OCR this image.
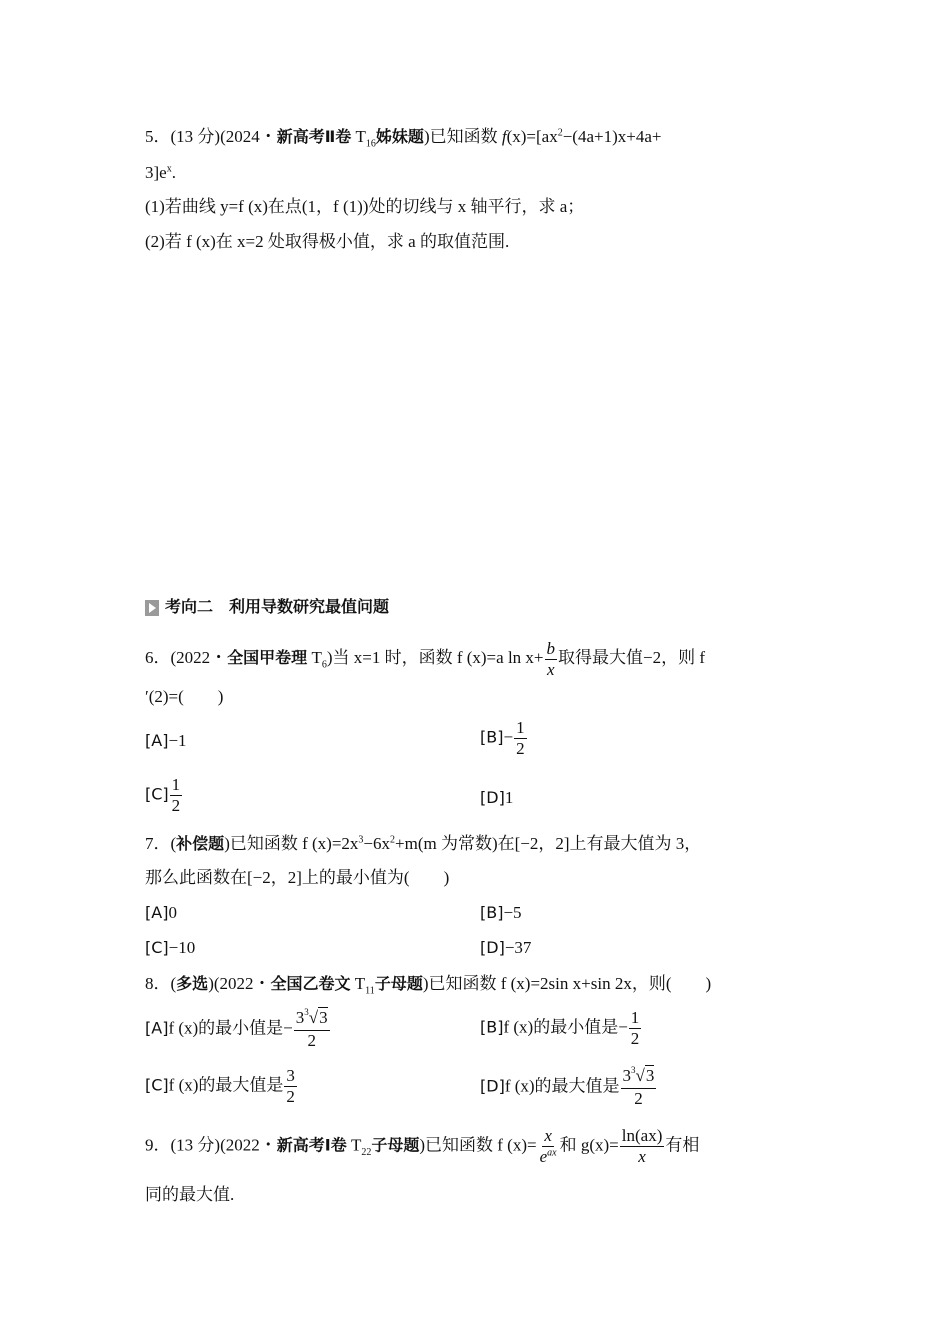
5．(13 分)(2024・新高考Ⅱ卷 $T_{16}$姊妹题)已知函数 $f(x)=[ax^2-(4a+1)x+4a+$
$3]e^x$.
(1)若曲线 y=f (x)在点(1，f (1))处的切线与 x 轴平行，求 a；
(2)若 f (x)在 x=2 处取得极小值，求 a 的取值范围.
考向二　利用导数研究最值问题
6．(2022・全国甲卷理 $T_6$)当 x=1 时，函数 f (x)=a $\ln x+ \frac{b}{x}$ 取得最大值−2，则 f
′(2)=(　　)
[A]−1	$[B]- \frac{1}{2}$
$[C] \frac{1}{2}$	[D]1
7．(补偿题)已知函数 f $(x)=2x^3-6x^2+m(m$ 为常数)在[−2，2]上有最大值为 3，
那么此函数在[−2，2]上的最小值为(　　)
[A]0	[B]−5
[C]−10	[D]−37
8．(多选)(2022・全国乙卷文 $T_{11}$子母题)已知函数 f (x)=2sin x+sin 2x，则(　　)
[A]f (x)的最小值是− $\frac{3^3√3}{2}$	[B]f (x)的最小值是− $\frac{1}{2}$
[C]f (x)的最大值是 $\frac{3}{2}$	[D]f (x)的最大值是 $\frac{3^3√3}{2}$
9．(13 分)(2022・新高考Ⅰ卷 $T_{22}$子母题)已知函数 f $(x)= \frac{x}{e^{ax}}$ 和 $g(x)= \frac{\ln(ax)}{x}$ 有相
同的最大值.
